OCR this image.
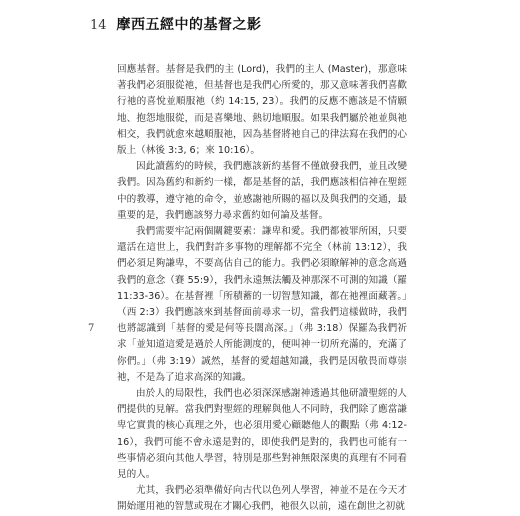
14 摩西五經中的基督之影
7

回應基督。基督是我們的主 (Lord)，我們的主人 (Master)，那意味著我們必須服從祂，但基督也是我們心所愛的，那又意味著我們喜歡行祂的喜悅並順服祂（約 14:15, 23）。我們的反應不應該是不情願地、抱怨地服從，而是喜樂地、熱切地順服。如果我們屬於祂並與祂相交，我們就愈來越順服祂，因為基督將祂自己的律法寫在我們的心版上（林後 3:3, 6；來 10:16）。

因此讀舊約的時候，我們應該新約基督不僅啟發我們，並且改變我們。因為舊約和新約一樣，都是基督的話，我們應該相信神在聖經中的教導，遵守祂的命令，並感謝祂所賜的福以及與我們的交通，最重要的是，我們應該努力尋求舊約如何論及基督。

我們需要牢記兩個關鍵要素：謙卑和愛。我們都被罪所困，只要還活在這世上，我們對許多事物的理解都不完全（林前 13:12），我們必須足夠謙卑，不要高估自己的能力。我們必須瞭解神的意念高過我們的意念（賽 55:9），我們永遠無法觸及神那深不可測的知識（羅 11:33-36）。在基督裡「所積蓄的一切智慧知識，都在祂裡面藏著。」（西 2:3）我們應該來到基督面前尋求一切，當我們這樣做時，我們也將認識到「基督的愛是何等長闊高深。」（弗 3:18）保羅為我們祈求「並知道這愛是過於人所能測度的，便叫神一切所充滿的，充滿了你們。」（弗 3:19）誠然，基督的愛超越知識，我們是因敬畏而尊崇祂，不是為了追求高深的知識。

由於人的局限性，我們也必須深深感謝神透過其他研讀聖經的人們提供的見解。當我們對聖經的理解與他人不同時，我們除了應當謙卑它實貴的核心真理之外，也必須用愛心顧聽他人的觀點（弗 4:12-16），我們可能不會永遠是對的，即使我們是對的，我們也可能有一些事情必須向其他人學習，特別是那些對神無限深奧的真理有不同看見的人。

尤其，我們必須準備好向古代以色列人學習，神並不是在今天才開始運用祂的智慧或現在才關心我們，祂很久以前，遠在創世之初就
